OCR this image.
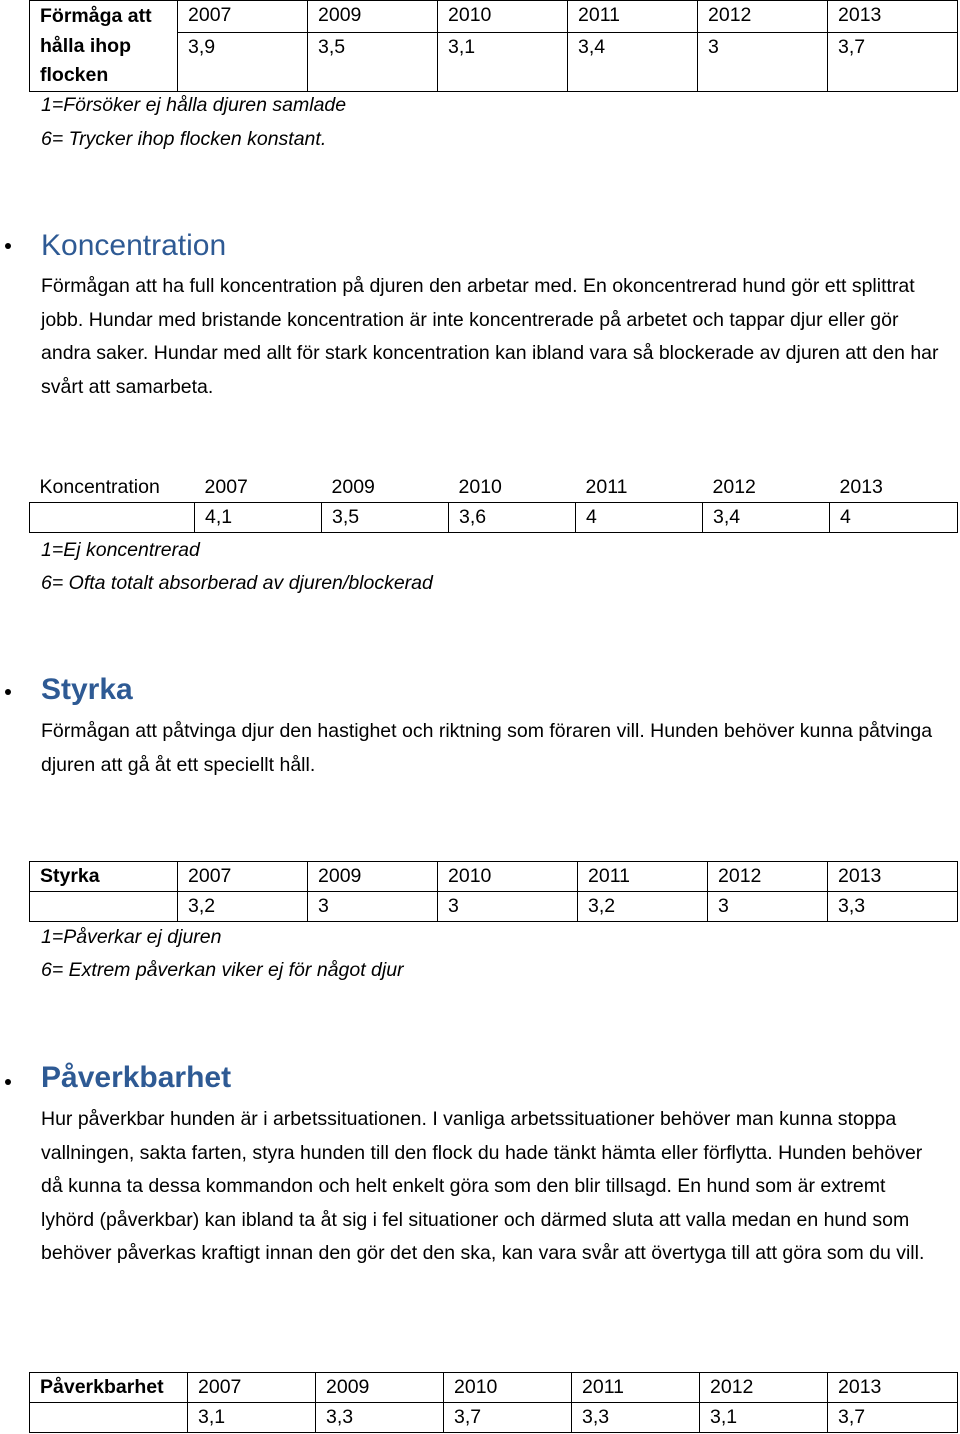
Förmåga att hålla ihop flocken	2007	2009	2010	2011	2012	2013
	3,9	3,5	3,1	3,4	3	3,7
1=Försöker ej hålla djuren samlade
6= Trycker ihop flocken konstant.
Koncentration

Förmågan att ha full koncentration på djuren den arbetar med. En okoncentrerad hund gör ett splittrat jobb. Hundar med bristande koncentration är inte koncentrerade på arbetet och tappar djur eller gör andra saker. Hundar med allt för stark koncentration kan ibland vara så blockerade av djuren att den har svårt att samarbeta.

Koncentration	2007	2009	2010	2011	2012	2013
	4,1	3,5	3,6	4	3,4	4
1=Ej koncentrerad
6= Ofta totalt absorberad av djuren/blockerad
Styrka

Förmågan att påtvinga djur den hastighet och riktning som föraren vill. Hunden behöver kunna påtvinga djuren att gå åt ett speciellt håll.

Styrka	2007	2009	2010	2011	2012	2013
	3,2	3	3	3,2	3	3,3
1=Påverkar ej djuren
6= Extrem påverkan viker ej för något djur
Påverkbarhet

Hur påverkbar hunden är i arbetssituationen. I vanliga arbetssituationer behöver man kunna stoppa vallningen, sakta farten, styra hunden till den flock du hade tänkt hämta eller förflytta. Hunden behöver då kunna ta dessa kommandon och helt enkelt göra som den blir tillsagd. En hund som är extremt lyhörd (påverkbar) kan ibland ta åt sig i fel situationer och därmed sluta att valla medan en hund som behöver påverkas kraftigt innan den gör det den ska, kan vara svår att övertyga till att göra som du vill.

Påverkbarhet	2007	2009	2010	2011	2012	2013
	3,1	3,3	3,7	3,3	3,1	3,7
